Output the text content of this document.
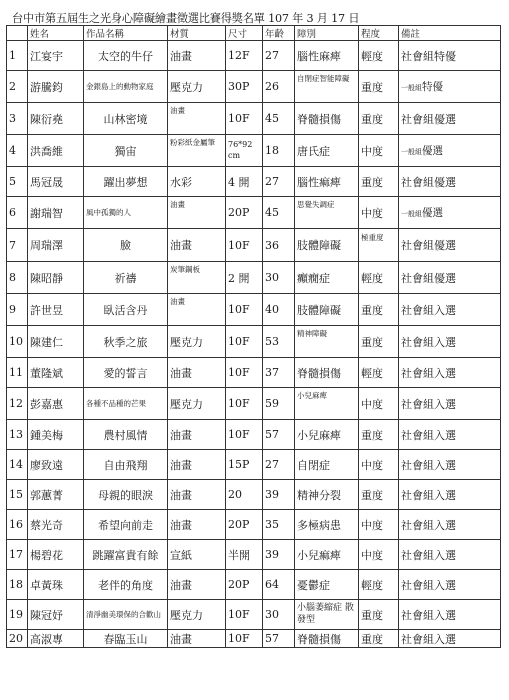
台中市第五屆生之光身心障礙繪畫徵選比賽得獎名單 107 年 3 月 17 日
	姓名	作品名稱	材質	尺寸	年齡	障別	程度	備註
1	江宴宇	太空的牛仔	油畫	12F	27	腦性麻痺	輕度	社會組特優
2	游騰鈞	金銀島上的動物家庭	壓克力	30P	26	自閉症智能障礙	重度	一般組特優
3	陳衍堯	山林密境	油畫	10F	45	脊髓損傷	重度	社會組優選
4	洪喬維	獨宙	粉彩紙金屬筆	76*92 cm	18	唐氏症	中度	一般組優選
5	馬冠晟	躍出夢想	水彩	4 開	27	腦性痲痺	重度	社會組優選
6	謝瑞智	風中孤獨的人	油畫	20P	45	思覺失調症	中度	一般組優選
7	周瑞澤	臉	油畫	10F	36	肢體障礙	極重度	社會組優選
8	陳昭靜	祈禱	炭筆鋼板	2 開	30	癲癇症	輕度	社會組優選
9	許世昱	臥活含丹	油畫	10F	40	肢體障礙	重度	社會組入選
10	陳建仁	秋季之旅	壓克力	10F	53	精神障礙	重度	社會組入選
11	董隆斌	愛的誓言	油畫	10F	37	脊髓損傷	輕度	社會組入選
12	彭嘉惠	各種不品種的芒果	壓克力	10F	59	小兒麻痺	中度	社會組入選
13	鍾美梅	農村風情	油畫	10F	57	小兒麻痺	重度	社會組入選
14	廖致遠	自由飛翔	油畫	15P	27	自閉症	中度	社會組入選
15	郭蕙菁	母親的眼淚	油畫	20	39	精神分裂	重度	社會組入選
16	蔡光奇	希望向前走	油畫	20P	35	多極病患	中度	社會組入選
17	楊碧花	跳躍富貴有餘	宣紙	半開	39	小兒痲痺	中度	社會組入選
18	卓黃珠	老伴的角度	油畫	20P	64	憂鬱症	輕度	社會組入選
19	陳冠妤	清淨幽美環保的合歡山	壓克力	10F	30	小腦萎縮症 散發型	重度	社會組入選
20	高淑專	春臨玉山	油畫	10F	57	脊髓損傷	重度	社會組入選
